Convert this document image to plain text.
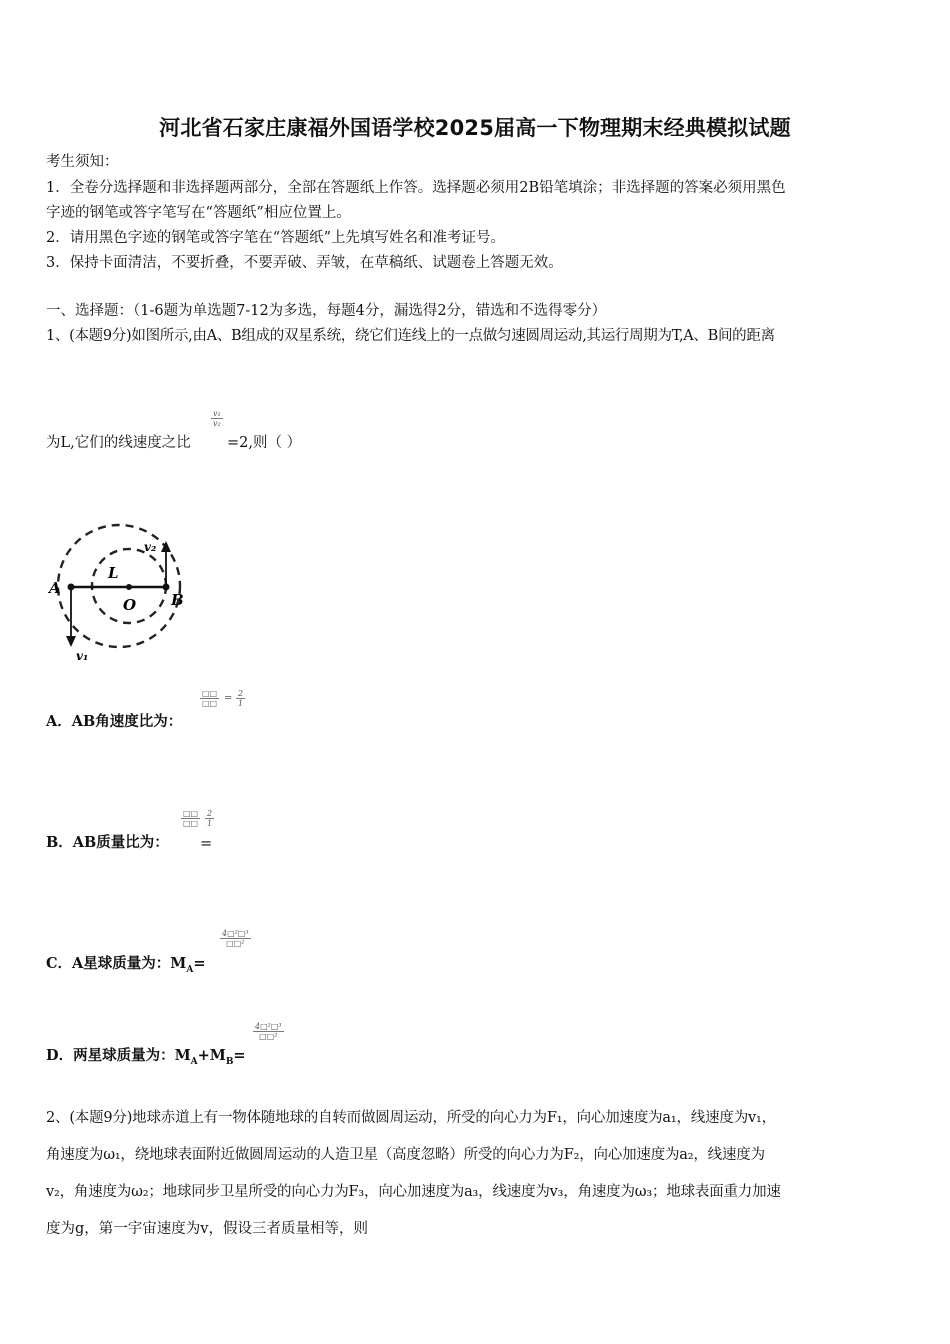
河北省石家庄康福外国语学校2025届高一下物理期末经典模拟试题
考生须知：
1．全卷分选择题和非选择题两部分，全部在答题纸上作答。选择题必须用2B铅笔填涂；非选择题的答案必须用黑色
字迹的钢笔或答字笔写在“答题纸”相应位置上。
2．请用黑色字迹的钢笔或答字笔在“答题纸”上先填写姓名和准考证号。
3．保持卡面清洁，不要折叠，不要弄破、弄皱，在草稿纸、试题卷上答题无效。
一、选择题：（1-6题为单选题7-12为多选，每题4分，漏选得2分，错选和不选得零分）
1、(本题9分)如图所示,由A、B组成的双星系统，绕它们连线上的一点做匀速圆周运动,其运行周期为T,A、B间的距离
为L,它们的线速度之比
v₁
v₂
=2,则（ ）
A
B
O
L
v₁
v₂
A．AB角速度比为：
□□
□□ = 2
1
B．AB质量比为：
□□
□□
=
2
1
C．A星球质量为：$M_A=$
4□²□³
□□²
D．两星球质量为：$M_A+M_B=$
4□²□³
□□²
2、(本题9分)地球赤道上有一物体随地球的自转而做圆周运动，所受的向心力为F₁，向心加速度为a₁，线速度为v₁，
角速度为ω₁，绕地球表面附近做圆周运动的人造卫星（高度忽略）所受的向心力为F₂，向心加速度为a₂，线速度为
v₂，角速度为ω₂；地球同步卫星所受的向心力为F₃，向心加速度为a₃，线速度为v₃，角速度为ω₃；地球表面重力加速
度为g，第一宇宙速度为v，假设三者质量相等，则
